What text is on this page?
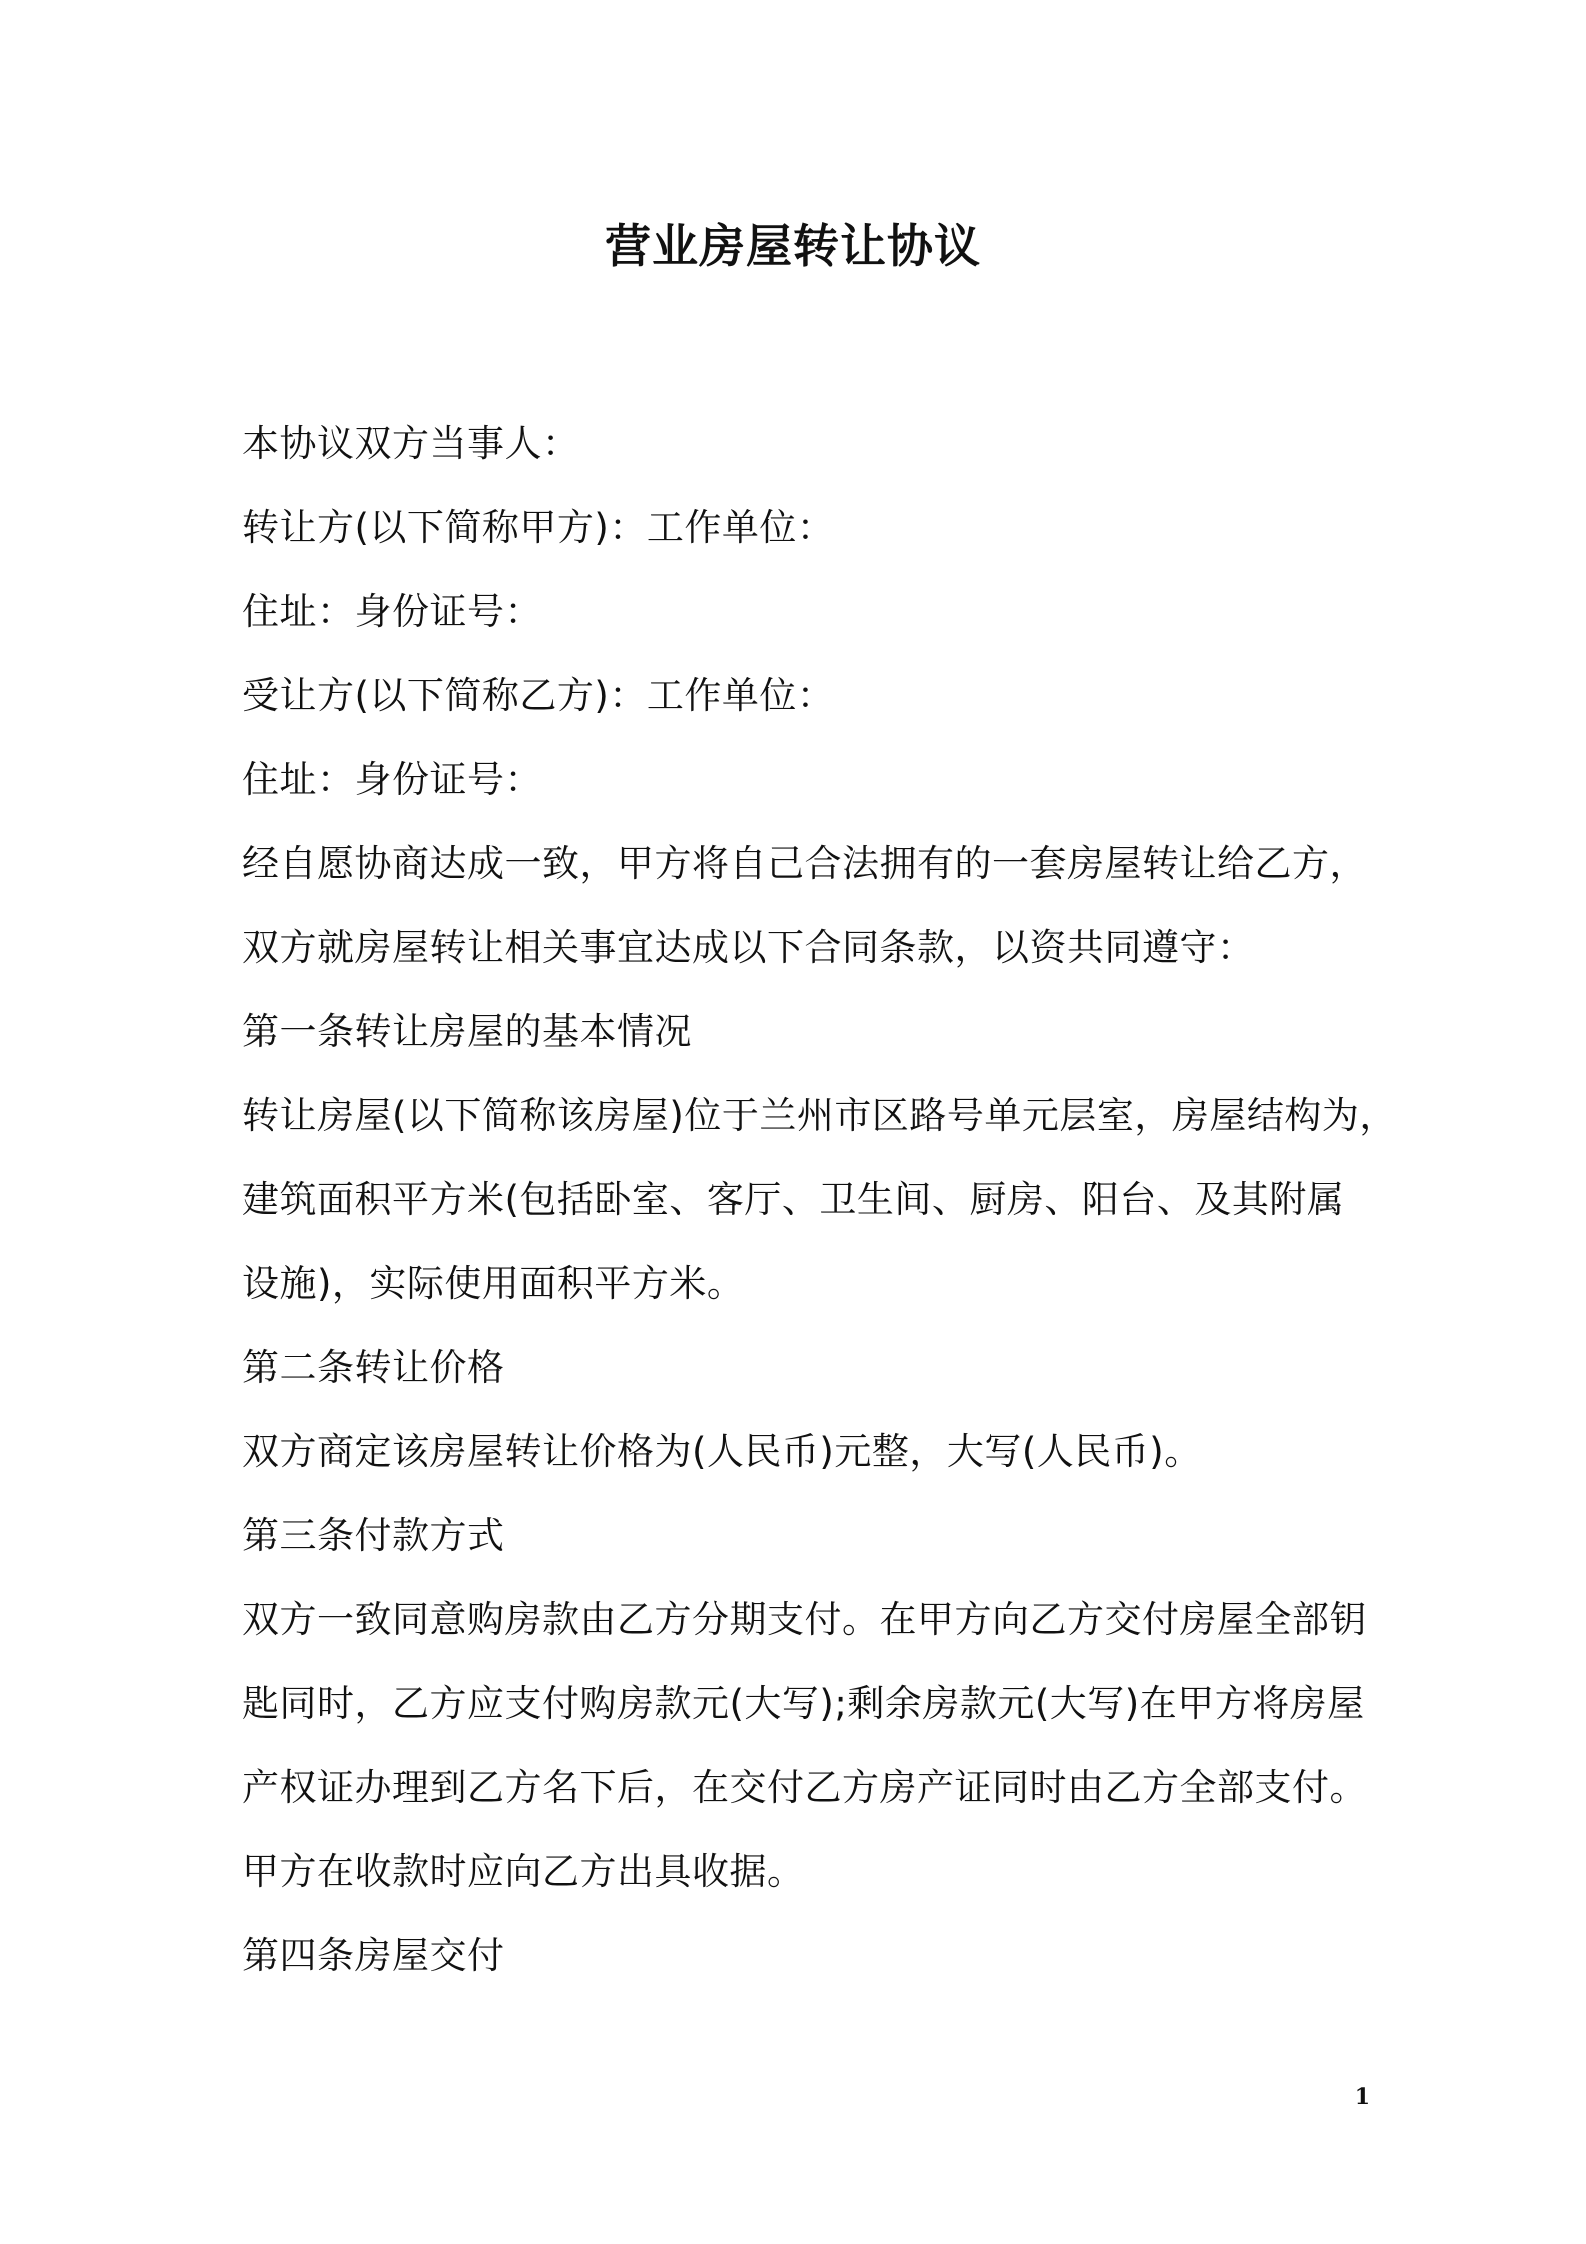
营业房屋转让协议
本协议双方当事人：
转让方(以下简称甲方)：工作单位：
住址：身份证号：
受让方(以下简称乙方)：工作单位：
住址：身份证号：
经自愿协商达成一致，甲方将自己合法拥有的一套房屋转让给乙方，
双方就房屋转让相关事宜达成以下合同条款，以资共同遵守：
第一条转让房屋的基本情况
转让房屋(以下简称该房屋)位于兰州市区路号单元层室，房屋结构为，
建筑面积平方米(包括卧室、客厅、卫生间、厨房、阳台、及其附属
设施)，实际使用面积平方米。
第二条转让价格
双方商定该房屋转让价格为(人民币)元整，大写(人民币)。
第三条付款方式
双方一致同意购房款由乙方分期支付。在甲方向乙方交付房屋全部钥
匙同时，乙方应支付购房款元(大写);剩余房款元(大写)在甲方将房屋
产权证办理到乙方名下后，在交付乙方房产证同时由乙方全部支付。
甲方在收款时应向乙方出具收据。
第四条房屋交付
1
